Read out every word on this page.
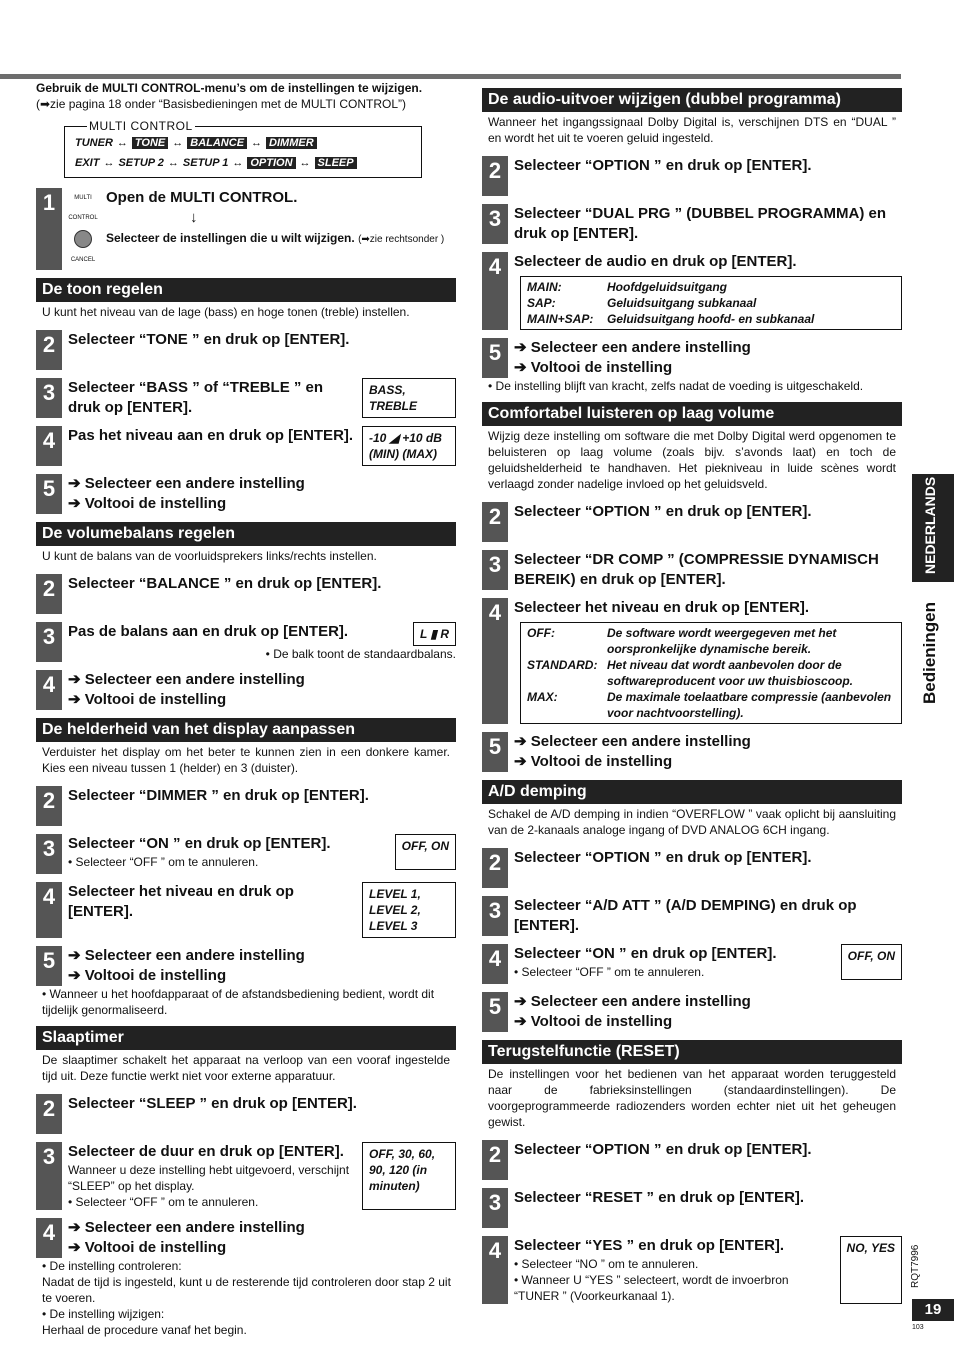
Gebruik de MULTI CONTROL-menu’s om de instellingen te wijzigen.
(➡zie pagina 18 onder “Basisbedieningen met de MULTI CONTROL”)
MULTI CONTROL
TUNER ↔ TONE ↔ BALANCE ↔ DIMMER
EXIT ↔ SETUP 2 ↔ SETUP 1 ↔ OPTION ↔ SLEEP
1	MULTI CONTROL
CANCEL
Open de MULTI CONTROL.
↓
Selecteer de instellingen die u wilt wijzigen. (➡zie rechtsonder )
De toon regelen
U kunt het niveau van de lage (bass) en hoge tonen (treble) instellen.
2 Selecteer “TONE ” en druk op [ENTER].
3 Selecteer “BASS ” of “TREBLE ” en druk op [ENTER].
BASS, TREBLE
4 Pas het niveau aan en druk op [ENTER].	-10 ◢ +10 dB (MIN) (MAX)
5 ➔ Selecteer een andere instelling
➔ Voltooi de instelling
De volumebalans regelen
U kunt de balans van de voorluidsprekers links/rechts instellen.
2 Selecteer “BALANCE ” en druk op [ENTER].
3 Pas de balans aan en druk op [ENTER].	L ▮ R
• De balk toont de standaardbalans.
4 ➔ Selecteer een andere instelling
➔ Voltooi de instelling
De helderheid van het display aanpassen
Verduister het display om het beter te kunnen zien in een donkere kamer. Kies een niveau tussen 1 (helder) en 3 (duister).
2 Selecteer “DIMMER ” en druk op [ENTER].
3 Selecteer “ON ” en druk op [ENTER].
• Selecteer “OFF ” om te annuleren.
OFF, ON
4 Selecteer het niveau en druk op [ENTER].
LEVEL 1, LEVEL 2, LEVEL 3
5 ➔ Selecteer een andere instelling
➔ Voltooi de instelling
• Wanneer u het hoofdapparaat of de afstandsbediening bedient, wordt dit tijdelijk genormaliseerd.
Slaaptimer
De slaaptimer schakelt het apparaat na verloop van een vooraf ingestelde tijd uit. Deze functie werkt niet voor externe apparatuur.
2 Selecteer “SLEEP ” en druk op [ENTER].
3 Selecteer de duur en druk op [ENTER].
Wanneer u deze instelling hebt uitgevoerd, verschijnt “SLEEP” op het display.
• Selecteer “OFF ” om te annuleren.
OFF, 30, 60, 90, 120 (in minuten)
4 ➔ Selecteer een andere instelling
➔ Voltooi de instelling
• De instelling controleren:
Nadat de tijd is ingesteld, kunt u de resterende tijd controleren door stap 2 uit te voeren.
• De instelling wijzigen:
Herhaal de procedure vanaf het begin.
De audio-uitvoer wijzigen (dubbel programma)
Wanneer het ingangssignaal Dolby Digital is, verschijnen DTS en “DUAL ” en wordt het uit te voeren geluid ingesteld.
2 Selecteer “OPTION ” en druk op [ENTER].
3 Selecteer “DUAL PRG ” (DUBBEL PROGRAMMA) en druk op [ENTER].
4 Selecteer de audio en druk op [ENTER].
MAIN:	Hoofdgeluidsuitgang
SAP:	Geluidsuitgang subkanaal
MAIN+SAP:	Geluidsuitgang hoofd- en subkanaal
5 ➔ Selecteer een andere instelling
➔ Voltooi de instelling
• De instelling blijft van kracht, zelfs nadat de voeding is uitgeschakeld.
Comfortabel luisteren op laag volume
Wijzig deze instelling om software die met Dolby Digital werd opgenomen te beluisteren op laag volume (zoals bijv. s’avonds laat) en toch de geluidshelderheid te handhaven. Het piekniveau in luide scènes wordt verlaagd zonder nadelige invloed op het geluidsveld.
2 Selecteer “OPTION ” en druk op [ENTER].
3 Selecteer “DR COMP ” (COMPRESSIE DYNAMISCH BEREIK) en druk op [ENTER].
4 Selecteer het niveau en druk op [ENTER].
OFF:	De software wordt weergegeven met het oorspronkelijke dynamische bereik.
STANDARD: Het niveau dat wordt aanbevolen door de softwareproducent voor uw thuisbioscoop.
MAX:	De maximale toelaatbare compressie (aanbevolen voor nachtvoorstelling).
5 ➔ Selecteer een andere instelling
➔ Voltooi de instelling
A/D demping
Schakel de A/D demping in indien “OVERFLOW ” vaak oplicht bij aansluiting van de 2-kanaals analoge ingang of DVD ANALOG 6CH ingang.
2 Selecteer “OPTION ” en druk op [ENTER].
3 Selecteer “A/D ATT ” (A/D DEMPING) en druk op [ENTER].
4 Selecteer “ON ” en druk op [ENTER].
• Selecteer “OFF ” om te annuleren.
OFF, ON
5 ➔ Selecteer een andere instelling
➔ Voltooi de instelling
Terugstelfunctie (RESET)
De instellingen voor het bedienen van het apparaat worden teruggesteld naar de fabrieksinstellingen (standaardinstellingen). De voorgeprogrammeerde radiozenders worden echter niet uit het geheugen gewist.
2 Selecteer “OPTION ” en druk op [ENTER].
3 Selecteer “RESET ” en druk op [ENTER].
4 Selecteer “YES ” en druk op [ENTER].
• Selecteer “NO ” om te annuleren.
• Wanneer U “YES ” selecteert, wordt de invoerbron “TUNER ” (Voorkeurkanaal 1).
NO, YES
NEDERLANDS
Bedieningen
RQT7996
19
103
